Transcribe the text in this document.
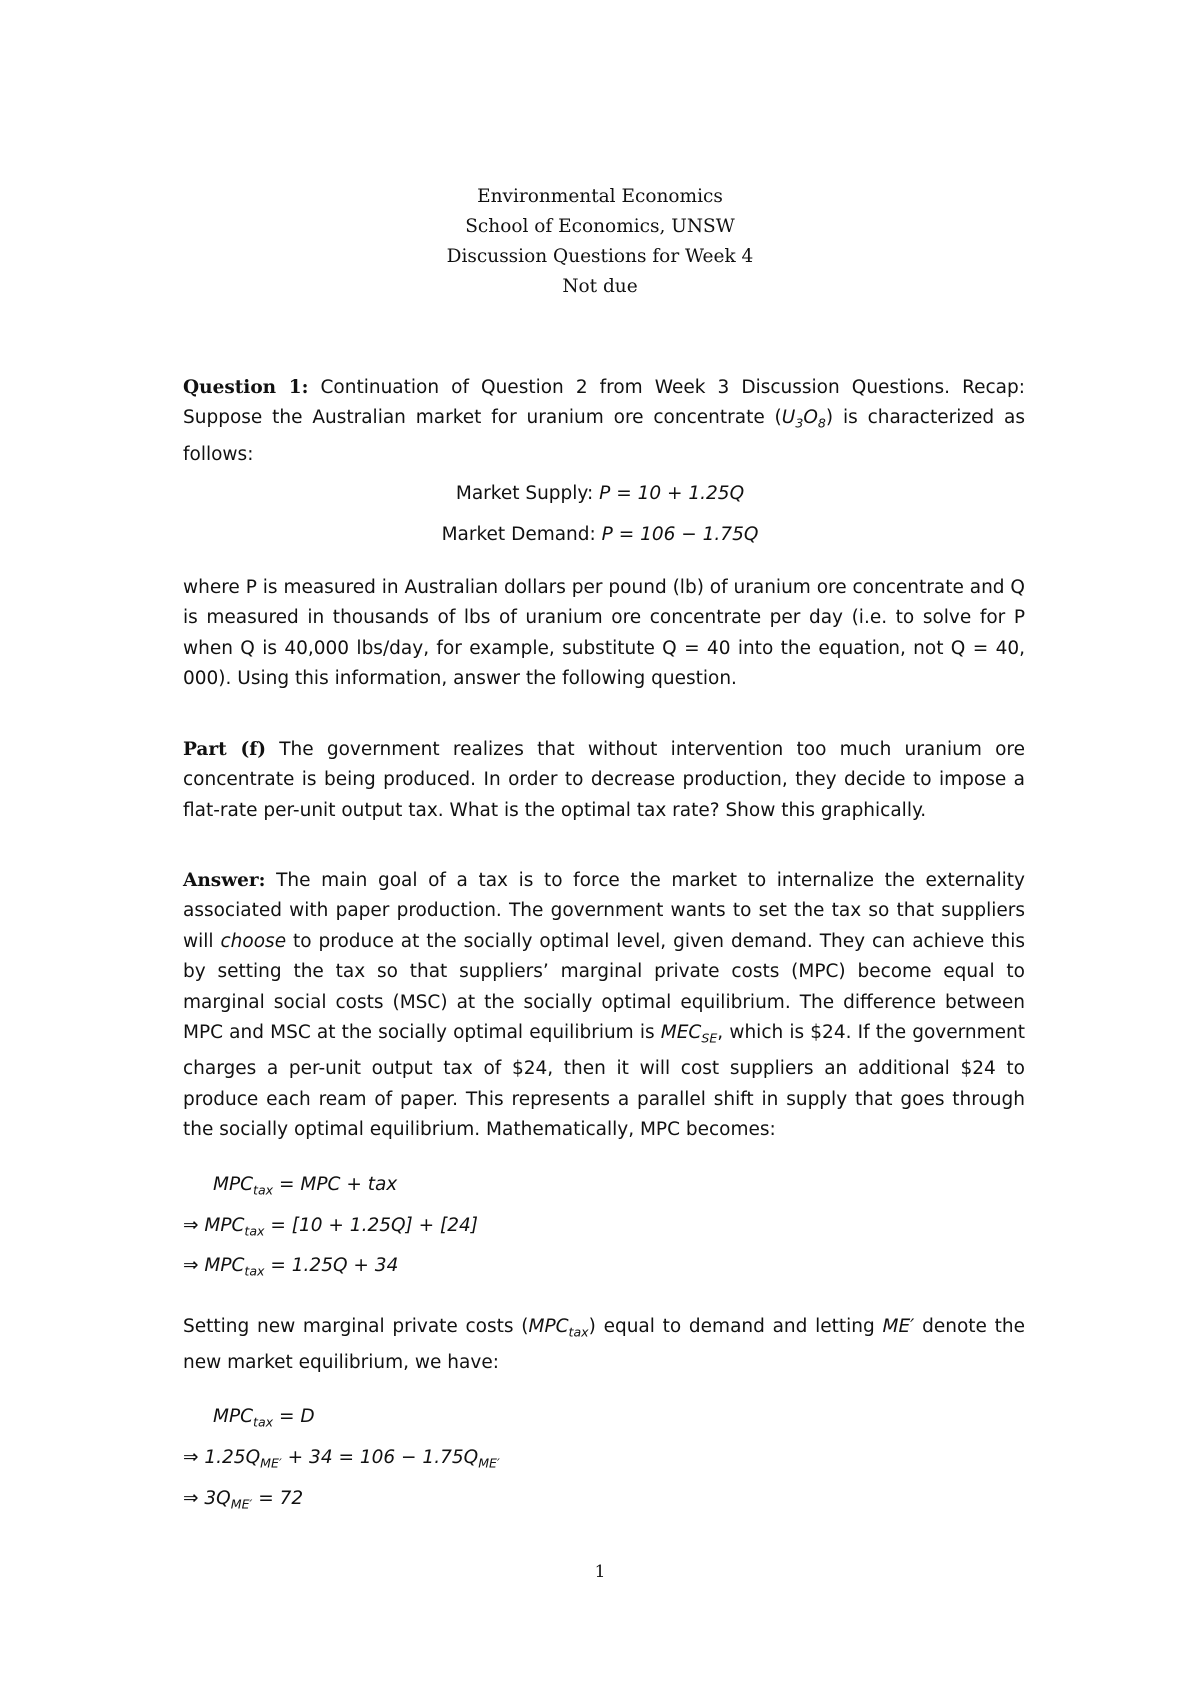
Environmental Economics
School of Economics, UNSW
Discussion Questions for Week 4
Not due
Question 1: Continuation of Question 2 from Week 3 Discussion Questions. Recap: Suppose the Australian market for uranium ore concentrate $(U_3O_8)$ is characterized as follows:
Market Supply: P = 10 + 1.25Q
Market Demand: P = 106 − 1.75Q
where P is measured in Australian dollars per pound (lb) of uranium ore concentrate and Q is measured in thousands of lbs of uranium ore concentrate per day (i.e. to solve for P when Q is 40,000 lbs/day, for example, substitute Q = 40 into the equation, not Q = 40, 000). Using this information, answer the following question.
Part (f) The government realizes that without intervention too much uranium ore concentrate is being produced. In order to decrease production, they decide to impose a flat-rate per-unit output tax. What is the optimal tax rate? Show this graphically.
Answer: The main goal of a tax is to force the market to internalize the externality associated with paper production. The government wants to set the tax so that suppliers will choose to produce at the socially optimal level, given demand. They can achieve this by setting the tax so that suppliers’ marginal private costs (MPC) become equal to marginal social costs (MSC) at the socially optimal equilibrium. The difference between MPC and MSC at the socially optimal equilibrium is $MEC_{SE}$, which is $24. If the government charges a per-unit output tax of $24, then it will cost suppliers an additional $24 to produce each ream of paper. This represents a parallel shift in supply that goes through the socially optimal equilibrium. Mathematically, MPC becomes:
$MPC_{tax}$ = MPC + tax
⇒ $MPC_{tax} = [10 + 1.25Q] + [24]$
⇒ $MPC_{tax} = 1.25Q + 34$
Setting new marginal private costs $(MPC_{tax})$ equal to demand and letting ME′ denote the new market equilibrium, we have:
$MPC_{tax} = D$
⇒ $1.25Q_{ME'} + 34 = 106 - 1.75Q_{ME'}$
⇒ $3Q_{ME'} = 72$
1
